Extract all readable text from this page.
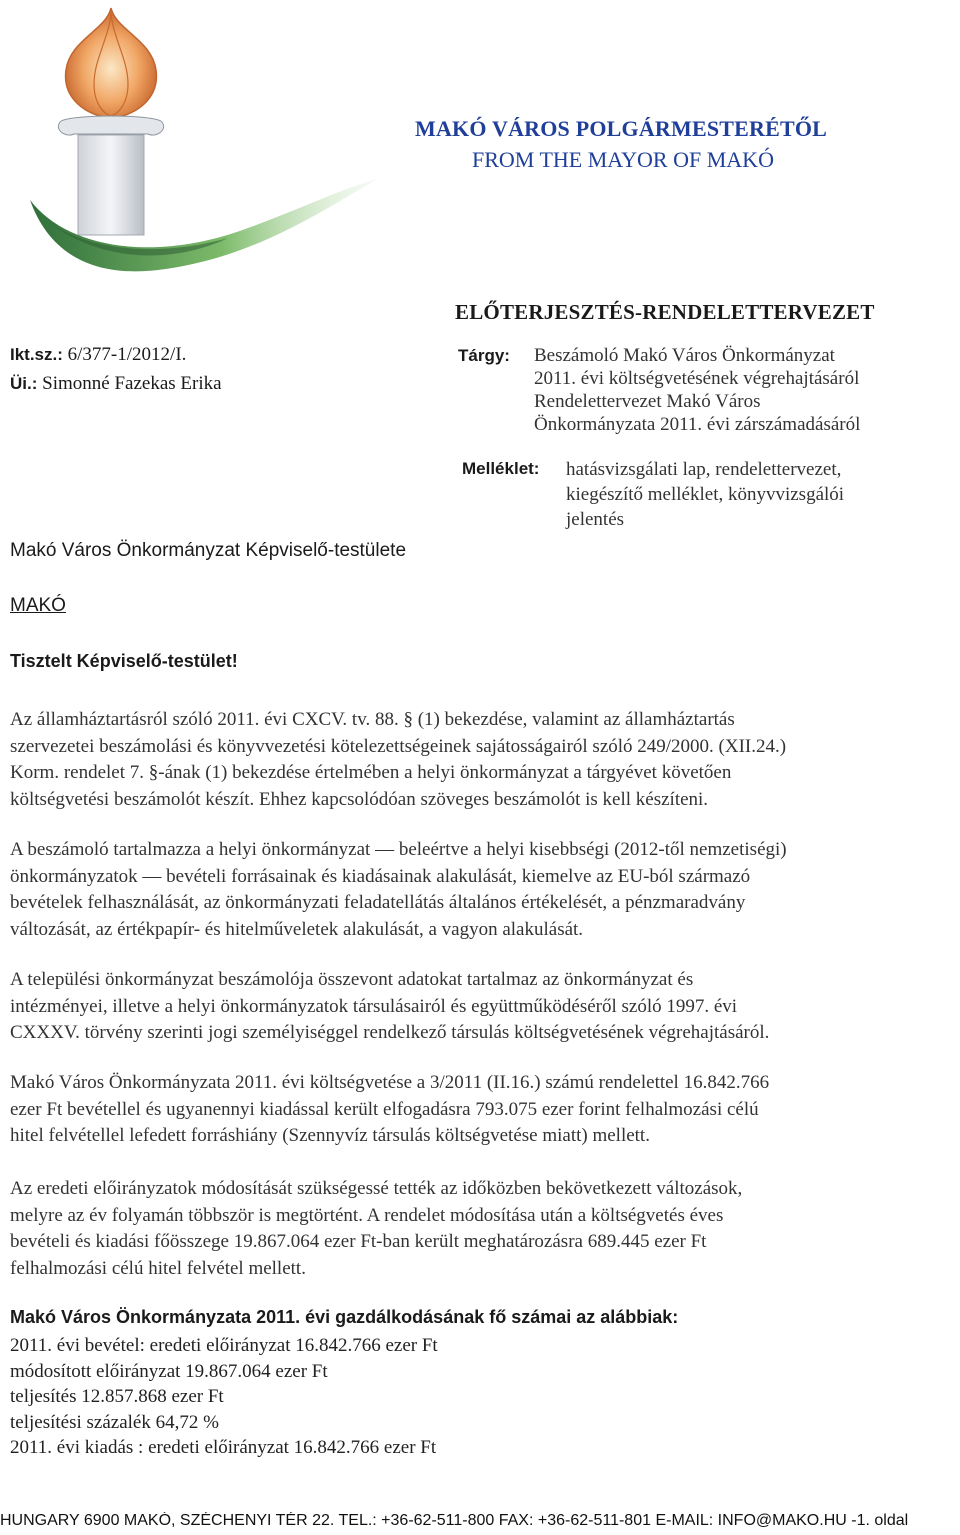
MAKÓ VÁROS POLGÁRMESTERÉTŐL
FROM THE MAYOR OF MAKÓ
ELŐTERJESZTÉS-RENDELETTERVEZET
Ikt.sz.: 6/377-1/2012/I.
Üi.: Simonné Fazekas Erika
Tárgy: Beszámoló Makó Város Önkormányzat
2011. évi költségvetésének végrehajtásáról
Rendelettervezet Makó Város
Önkormányzata 2011. évi zárszámadásáról
Melléklet: hatásvizsgálati lap, rendelettervezet,
kiegészítő melléklet, könyvvizsgálói
jelentés
Makó Város Önkormányzat Képviselő-testülete
MAKÓ
Tisztelt Képviselő-testület!
Az államháztartásról szóló 2011. évi CXCV. tv. 88. § (1) bekezdése, valamint az államháztartás
szervezetei beszámolási és könyvvezetési kötelezettségeinek sajátosságairól szóló 249/2000. (XII.24.)
Korm. rendelet 7. §-ának (1) bekezdése értelmében a helyi önkormányzat a tárgyévet követően
költségvetési beszámolót készít. Ehhez kapcsolódóan szöveges beszámolót is kell készíteni.
A beszámoló tartalmazza a helyi önkormányzat — beleértve a helyi kisebbségi (2012-től nemzetiségi)
önkormányzatok — bevételi forrásainak és kiadásainak alakulását, kiemelve az EU-ból származó
bevételek felhasználását, az önkormányzati feladatellátás általános értékelését, a pénzmaradvány
változását, az értékpapír- és hitelműveletek alakulását, a vagyon alakulását.
A települési önkormányzat beszámolója összevont adatokat tartalmaz az önkormányzat és
intézményei, illetve a helyi önkormányzatok társulásairól és együttműködéséről szóló 1997. évi
CXXXV. törvény szerinti jogi személyiséggel rendelkező társulás költségvetésének végrehajtásáról.
Makó Város Önkormányzata 2011. évi költségvetése a 3/2011 (II.16.) számú rendelettel 16.842.766
ezer Ft bevétellel és ugyanennyi kiadással került elfogadásra 793.075 ezer forint felhalmozási célú
hitel felvétellel lefedett forráshiány (Szennyvíz társulás költségvetése miatt) mellett.
Az eredeti előirányzatok módosítását szükségessé tették az időközben bekövetkezett változások,
melyre az év folyamán többször is megtörtént. A rendelet módosítása után a költségvetés éves
bevételi és kiadási főösszege 19.867.064 ezer Ft-ban került meghatározásra 689.445 ezer Ft
felhalmozási célú hitel felvétel mellett.
Makó Város Önkormányzata 2011. évi gazdálkodásának fő számai az alábbiak:
2011. évi bevétel: eredeti előirányzat 16.842.766 ezer Ft
módosított előirányzat 19.867.064 ezer Ft
teljesítés 12.857.868 ezer Ft
teljesítési százalék 64,72 %
2011. évi kiadás : eredeti előirányzat 16.842.766 ezer Ft
HUNGARY 6900 MAKÓ, SZÉCHENYI TÉR 22. TEL.: +36-62-511-800 FAX: +36-62-511-801 E-MAIL: INFO@MAKO.HU -1. oldal
